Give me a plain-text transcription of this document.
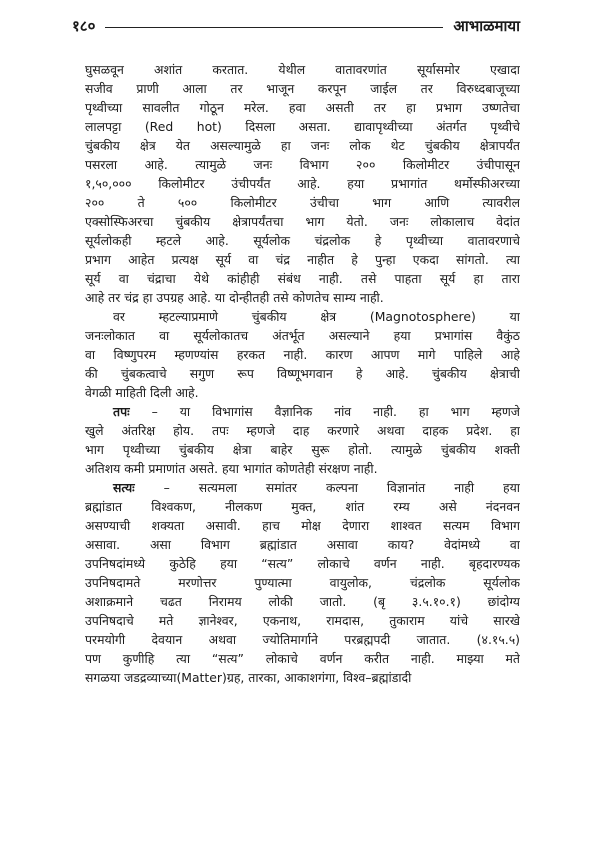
१८०	आभाळमाया
घुसळवून अशांत करतात. येथील वातावरणांत सूर्यासमोर एखादा
सजीव प्राणी आला तर भाजून करपून जाईल तर विरुध्दबाजूच्या
पृथ्वीच्या सावलीत गोठून मरेल. हवा असती तर हा प्रभाग उष्णतेचा
लालपट्टा (Red hot) दिसला असता. द्यावापृथ्वीच्या अंतर्गत पृथ्वीचे
चुंबकीय क्षेत्र येत असल्यामुळे हा जनः लोक थेट चुंबकीय क्षेत्रापर्यंत
पसरला आहे. त्यामुळे जनः विभाग २०० किलोमीटर उंचीपासून
१,५०,००० किलोमीटर उंचीपर्यंत आहे. हया प्रभागांत थर्मोस्फीअरच्या
२०० ते ५०० किलोमीटर उंचीचा भाग आणि त्यावरील
एक्सोस्फिअरचा चुंबकीय क्षेत्रापर्यंतचा भाग येतो. जनः लोकालाच वेदांत
सूर्यलोकही म्हटले आहे. सूर्यलोक चंद्रलोक हे पृथ्वीच्या वातावरणाचे
प्रभाग आहेत प्रत्यक्ष सूर्य वा चंद्र नाहीत हे पुन्हा एकदा सांगतो. त्या
सूर्य वा चंद्राचा येथे कांहीही संबंध नाही. तसे पाहता सूर्य हा तारा
आहे तर चंद्र हा उपग्रह आहे. या दोन्हीतही तसे कोणतेच साम्य नाही.
वर म्हटल्याप्रमाणे चुंबकीय क्षेत्र (Magnotosphere) या
जनःलोकात वा सूर्यलोकातच अंतर्भूत असल्याने हया प्रभागांस वैकुंठ
वा विष्णुपरम म्हणण्यांस हरकत नाही. कारण आपण मागे पाहिले आहे
की चुंबकत्वाचे सगुण रूप विष्णूभगवान हे आहे. चुंबकीय क्षेत्राची
वेगळी माहिती दिली आहे.
तपः – या विभागांस वैज्ञानिक नांव नाही. हा भाग म्हणजे
खुले अंतरिक्ष होय. तपः म्हणजे दाह करणारे अथवा दाहक प्रदेश. हा
भाग पृथ्वीच्या चुंबकीय क्षेत्रा बाहेर सुरू होतो. त्यामुळे चुंबकीय शक्ती
अतिशय कमी प्रमाणांत असते. हया भागांत कोणतेही संरक्षण नाही.
सत्यः – सत्यमला समांतर कल्पना विज्ञानांत नाही हया
ब्रह्मांडात विश्वकण, नीलकण मुक्त, शांत रम्य असे नंदनवन
असण्याची शक्यता असावी. हाच मोक्ष देणारा शाश्वत सत्यम विभाग
असावा. असा विभाग ब्रह्मांडात असावा काय? वेदांमध्ये वा
उपनिषदांमध्ये कुठेहि हया “सत्य” लोकाचे वर्णन नाही. बृहदारण्यक
उपनिषदामते मरणोत्तर पुण्यात्मा वायुलोक, चंद्रलोक सूर्यलोक
अशाक्रमाने चढत निरामय लोकी जातो. (बृ ३.५.१०.१) छांदोग्य
उपनिषदाचे मते ज्ञानेश्वर, एकनाथ, रामदास, तुकाराम यांचे सारखे
परमयोगी देवयान अथवा ज्योतिमार्गाने परब्रह्मपदी जातात. (४.१५.५)
पण कुणीहि त्या “सत्य” लोकाचे वर्णन करीत नाही. माझ्या मते
सगळया जडद्रव्याच्या(Matter)ग्रह, तारका, आकाशगंगा, विश्व–ब्रह्मांडादी
